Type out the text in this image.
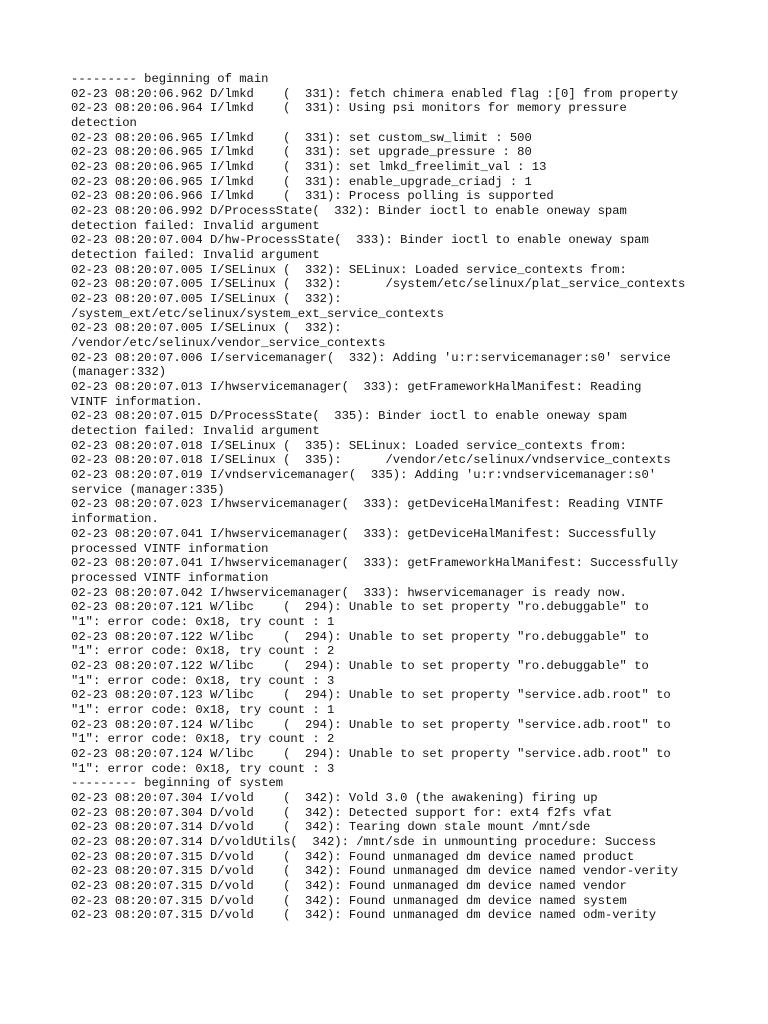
--------- beginning of main
02-23 08:20:06.962 D/lmkd    (  331): fetch chimera enabled flag :[0] from property
02-23 08:20:06.964 I/lmkd    (  331): Using psi monitors for memory pressure
detection
02-23 08:20:06.965 I/lmkd    (  331): set custom_sw_limit : 500
02-23 08:20:06.965 I/lmkd    (  331): set upgrade_pressure : 80
02-23 08:20:06.965 I/lmkd    (  331): set lmkd_freelimit_val : 13
02-23 08:20:06.965 I/lmkd    (  331): enable_upgrade_criadj : 1
02-23 08:20:06.966 I/lmkd    (  331): Process polling is supported
02-23 08:20:06.992 D/ProcessState(  332): Binder ioctl to enable oneway spam
detection failed: Invalid argument
02-23 08:20:07.004 D/hw-ProcessState(  333): Binder ioctl to enable oneway spam
detection failed: Invalid argument
02-23 08:20:07.005 I/SELinux (  332): SELinux: Loaded service_contexts from:
02-23 08:20:07.005 I/SELinux (  332):      /system/etc/selinux/plat_service_contexts
02-23 08:20:07.005 I/SELinux (  332):
/system_ext/etc/selinux/system_ext_service_contexts
02-23 08:20:07.005 I/SELinux (  332):
/vendor/etc/selinux/vendor_service_contexts
02-23 08:20:07.006 I/servicemanager(  332): Adding 'u:r:servicemanager:s0' service
(manager:332)
02-23 08:20:07.013 I/hwservicemanager(  333): getFrameworkHalManifest: Reading
VINTF information.
02-23 08:20:07.015 D/ProcessState(  335): Binder ioctl to enable oneway spam
detection failed: Invalid argument
02-23 08:20:07.018 I/SELinux (  335): SELinux: Loaded service_contexts from:
02-23 08:20:07.018 I/SELinux (  335):      /vendor/etc/selinux/vndservice_contexts
02-23 08:20:07.019 I/vndservicemanager(  335): Adding 'u:r:vndservicemanager:s0'
service (manager:335)
02-23 08:20:07.023 I/hwservicemanager(  333): getDeviceHalManifest: Reading VINTF
information.
02-23 08:20:07.041 I/hwservicemanager(  333): getDeviceHalManifest: Successfully
processed VINTF information
02-23 08:20:07.041 I/hwservicemanager(  333): getFrameworkHalManifest: Successfully
processed VINTF information
02-23 08:20:07.042 I/hwservicemanager(  333): hwservicemanager is ready now.
02-23 08:20:07.121 W/libc    (  294): Unable to set property "ro.debuggable" to
"1": error code: 0x18, try count : 1
02-23 08:20:07.122 W/libc    (  294): Unable to set property "ro.debuggable" to
"1": error code: 0x18, try count : 2
02-23 08:20:07.122 W/libc    (  294): Unable to set property "ro.debuggable" to
"1": error code: 0x18, try count : 3
02-23 08:20:07.123 W/libc    (  294): Unable to set property "service.adb.root" to
"1": error code: 0x18, try count : 1
02-23 08:20:07.124 W/libc    (  294): Unable to set property "service.adb.root" to
"1": error code: 0x18, try count : 2
02-23 08:20:07.124 W/libc    (  294): Unable to set property "service.adb.root" to
"1": error code: 0x18, try count : 3
--------- beginning of system
02-23 08:20:07.304 I/vold    (  342): Vold 3.0 (the awakening) firing up
02-23 08:20:07.304 D/vold    (  342): Detected support for: ext4 f2fs vfat
02-23 08:20:07.314 D/vold    (  342): Tearing down stale mount /mnt/sde
02-23 08:20:07.314 D/voldUtils(  342): /mnt/sde in unmounting procedure: Success
02-23 08:20:07.315 D/vold    (  342): Found unmanaged dm device named product
02-23 08:20:07.315 D/vold    (  342): Found unmanaged dm device named vendor-verity
02-23 08:20:07.315 D/vold    (  342): Found unmanaged dm device named vendor
02-23 08:20:07.315 D/vold    (  342): Found unmanaged dm device named system
02-23 08:20:07.315 D/vold    (  342): Found unmanaged dm device named odm-verity
